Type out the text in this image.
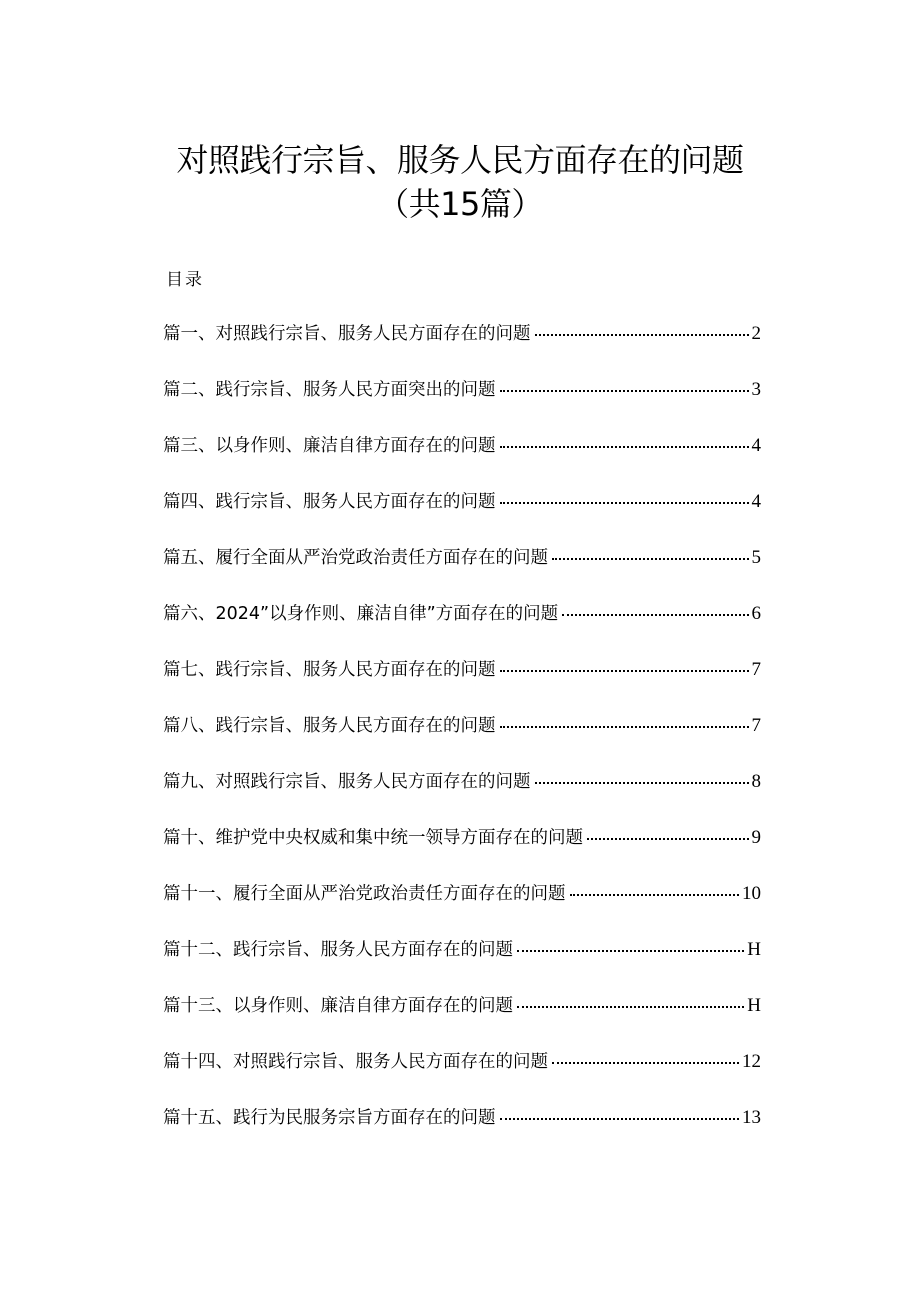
对照践行宗旨、服务人民方面存在的问题
（共15篇）
目录
篇一、对照践行宗旨、服务人民方面存在的问题	2
篇二、践行宗旨、服务人民方面突出的问题	3
篇三、以身作则、廉洁自律方面存在的问题	4
篇四、践行宗旨、服务人民方面存在的问题	4
篇五、履行全面从严治党政治责任方面存在的问题	5
篇六、2024”以身作则、廉洁自律”方面存在的问题	6
篇七、践行宗旨、服务人民方面存在的问题	7
篇八、践行宗旨、服务人民方面存在的问题	7
篇九、对照践行宗旨、服务人民方面存在的问题	8
篇十、维护党中央权威和集中统一领导方面存在的问题	9
篇十一、履行全面从严治党政治责任方面存在的问题	10
篇十二、践行宗旨、服务人民方面存在的问题	H
篇十三、以身作则、廉洁自律方面存在的问题	H
篇十四、对照践行宗旨、服务人民方面存在的问题	12
篇十五、践行为民服务宗旨方面存在的问题	13
